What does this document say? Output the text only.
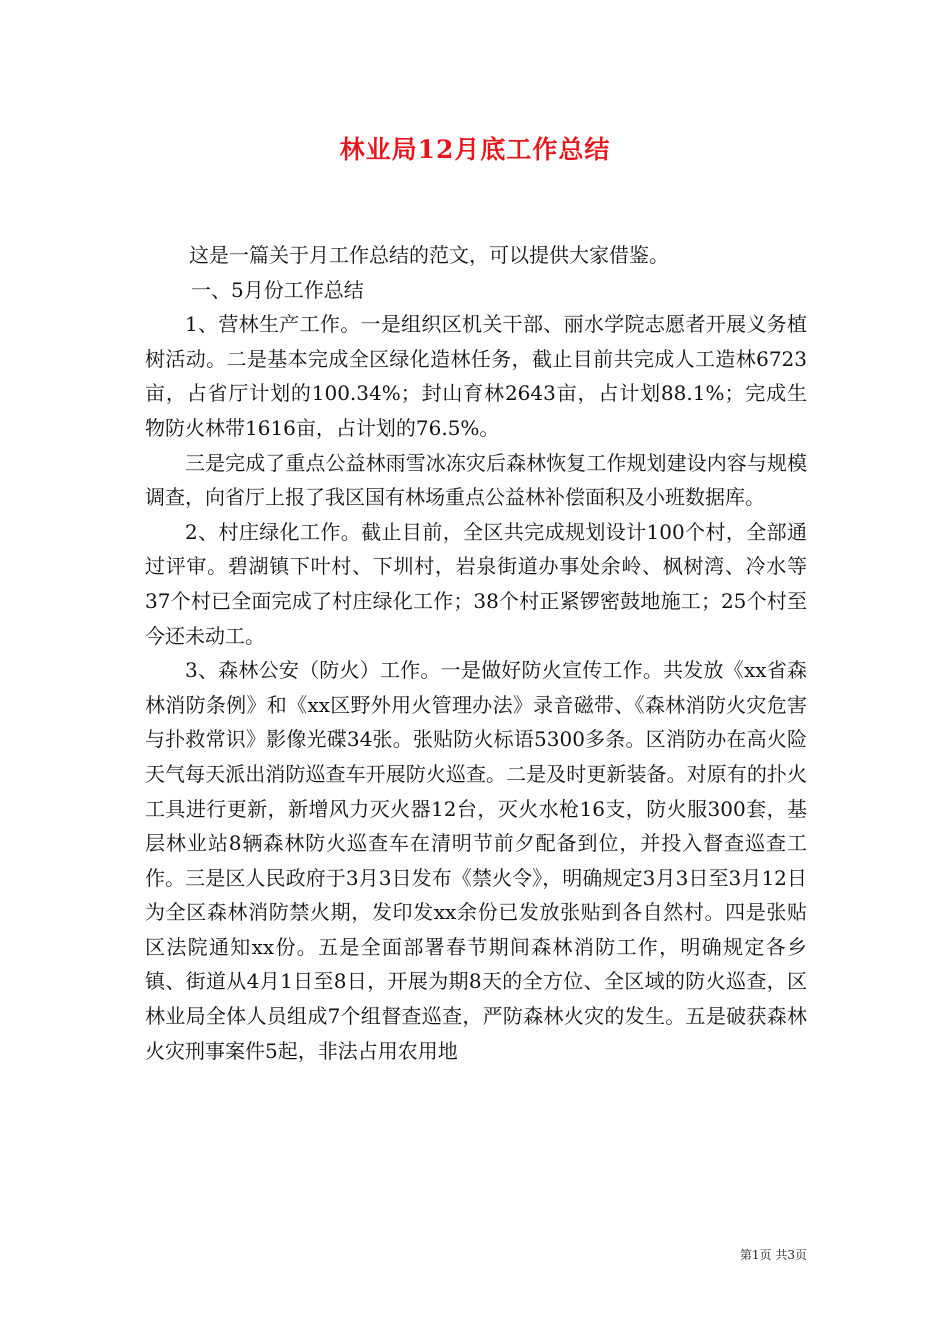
林业局12月底工作总结

这是一篇关于月工作总结的范文，可以提供大家借鉴。

一、5月份工作总结

1、营林生产工作。一是组织区机关干部、丽水学院志愿者开展义务植树活动。二是基本完成全区绿化造林任务，截止目前共完成人工造林6723亩，占省厅计划的100.34%；封山育林2643亩，占计划88.1%；完成生物防火林带1616亩，占计划的76.5%。

三是完成了重点公益林雨雪冰冻灾后森林恢复工作规划建设内容与规模调查，向省厅上报了我区国有林场重点公益林补偿面积及小班数据库。

2、村庄绿化工作。截止目前，全区共完成规划设计100个村，全部通过评审。碧湖镇下叶村、下圳村，岩泉街道办事处余岭、枫树湾、冷水等37个村已全面完成了村庄绿化工作；38个村正紧锣密鼓地施工；25个村至今还未动工。

3、森林公安（防火）工作。一是做好防火宣传工作。共发放《xx省森林消防条例》和《xx区野外用火管理办法》录音磁带、《森林消防火灾危害与扑救常识》影像光碟34张。张贴防火标语5300多条。区消防办在高火险天气每天派出消防巡查车开展防火巡查。二是及时更新装备。对原有的扑火工具进行更新，新增风力灭火器12台，灭火水枪16支，防火服300套，基层林业站8辆森林防火巡查车在清明节前夕配备到位，并投入督查巡查工作。三是区人民政府于3月3日发布《禁火令》，明确规定3月3日至3月12日为全区森林消防禁火期，发印发xx余份已发放张贴到各自然村。四是张贴区法院通知xx份。五是全面部署春节期间森林消防工作，明确规定各乡镇、街道从4月1日至8日，开展为期8天的全方位、全区域的防火巡查，区林业局全体人员组成7个组督查巡查，严防森林火灾的发生。五是破获森林火灾刑事案件5起，非法占用农用地

第1页 共3页
